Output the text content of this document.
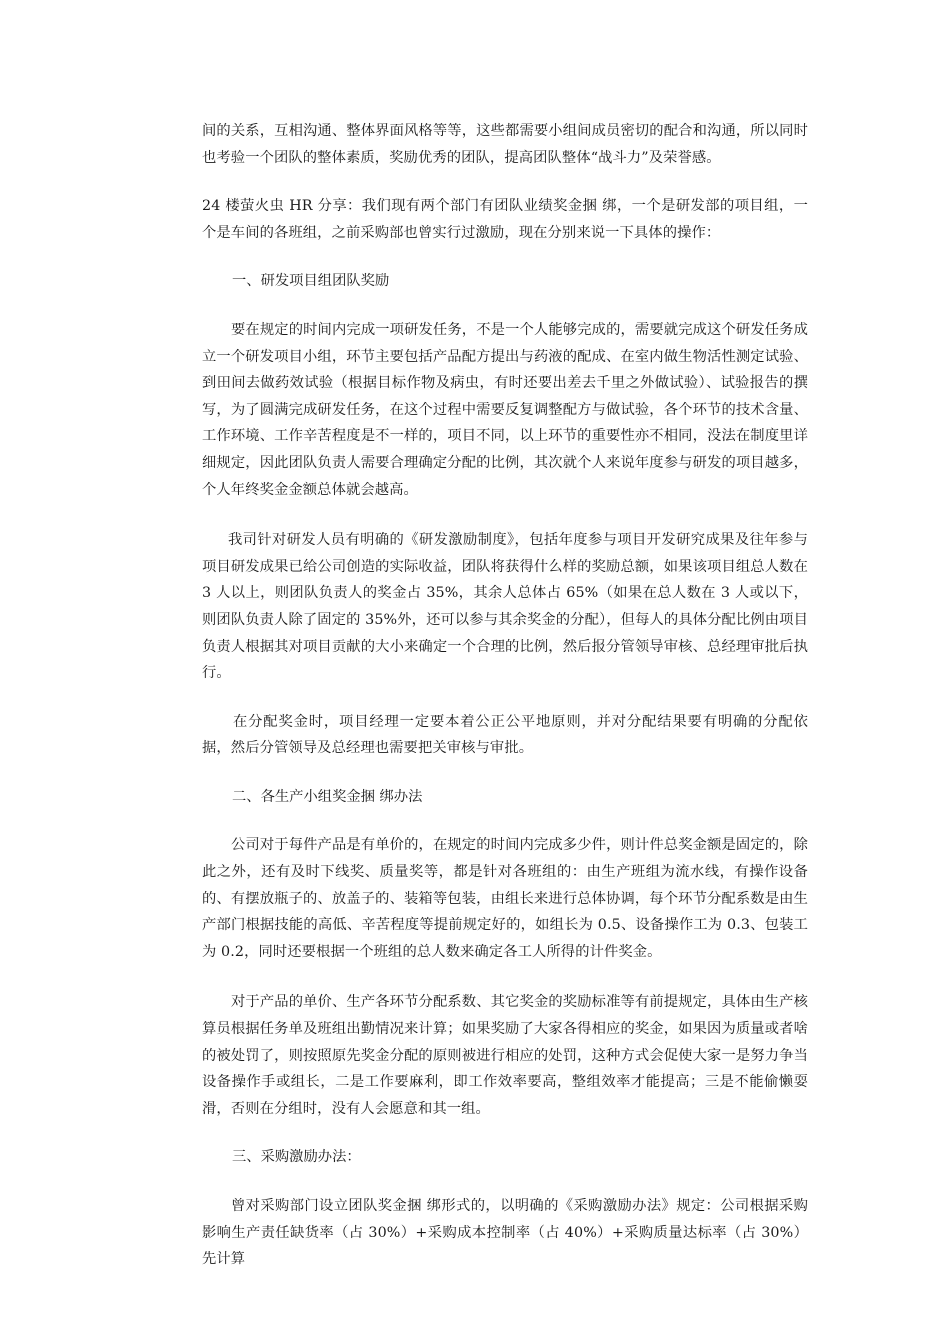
间的关系，互相沟通、整体界面风格等等，这些都需要小组间成员密切的配合和沟通，所以同时也考验一个团队的整体素质，奖励优秀的团队，提高团队整体“战斗力”及荣誉感。

24 楼萤火虫 HR 分享：我们现有两个部门有团队业绩奖金捆 绑，一个是研发部的项目组，一个是车间的各班组，之前采购部也曾实行过激励，现在分别来说一下具体的操作：

一、研发项目组团队奖励

要在规定的时间内完成一项研发任务，不是一个人能够完成的，需要就完成这个研发任务成立一个研发项目小组，环节主要包括产品配方提出与药液的配成、在室内做生物活性测定试验、到田间去做药效试验（根据目标作物及病虫，有时还要出差去千里之外做试验）、试验报告的撰写，为了圆满完成研发任务，在这个过程中需要反复调整配方与做试验，各个环节的技术含量、工作环境、工作辛苦程度是不一样的，项目不同，以上环节的重要性亦不相同，没法在制度里详细规定，因此团队负责人需要合理确定分配的比例，其次就个人来说年度参与研发的项目越多，个人年终奖金金额总体就会越高。

我司针对研发人员有明确的《研发激励制度》，包括年度参与项目开发研究成果及往年参与项目研发成果已给公司创造的实际收益，团队将获得什么样的奖励总额，如果该项目组总人数在 3 人以上，则团队负责人的奖金占 35%，其余人总体占 65%（如果在总人数在 3 人或以下，则团队负责人除了固定的 35%外，还可以参与其余奖金的分配），但每人的具体分配比例由项目负责人根据其对项目贡献的大小来确定一个合理的比例，然后报分管领导审核、总经理审批后执行。

在分配奖金时，项目经理一定要本着公正公平地原则，并对分配结果要有明确的分配依据，然后分管领导及总经理也需要把关审核与审批。

二、各生产小组奖金捆 绑办法

公司对于每件产品是有单价的，在规定的时间内完成多少件，则计件总奖金额是固定的，除此之外，还有及时下线奖、质量奖等，都是针对各班组的：由生产班组为流水线，有操作设备的、有摆放瓶子的、放盖子的、装箱等包装，由组长来进行总体协调，每个环节分配系数是由生产部门根据技能的高低、辛苦程度等提前规定好的，如组长为 0.5、设备操作工为 0.3、包装工为 0.2，同时还要根据一个班组的总人数来确定各工人所得的计件奖金。

对于产品的单价、生产各环节分配系数、其它奖金的奖励标准等有前提规定，具体由生产核算员根据任务单及班组出勤情况来计算；如果奖励了大家各得相应的奖金，如果因为质量或者啥的被处罚了，则按照原先奖金分配的原则被进行相应的处罚，这种方式会促使大家一是努力争当设备操作手或组长，二是工作要麻利，即工作效率要高，整组效率才能提高；三是不能偷懒耍滑，否则在分组时，没有人会愿意和其一组。

三、采购激励办法：

曾对采购部门设立团队奖金捆 绑形式的，以明确的《采购激励办法》规定：公司根据采购影响生产责任缺货率（占 30%）+采购成本控制率（占 40%）+采购质量达标率（占 30%）先计算
